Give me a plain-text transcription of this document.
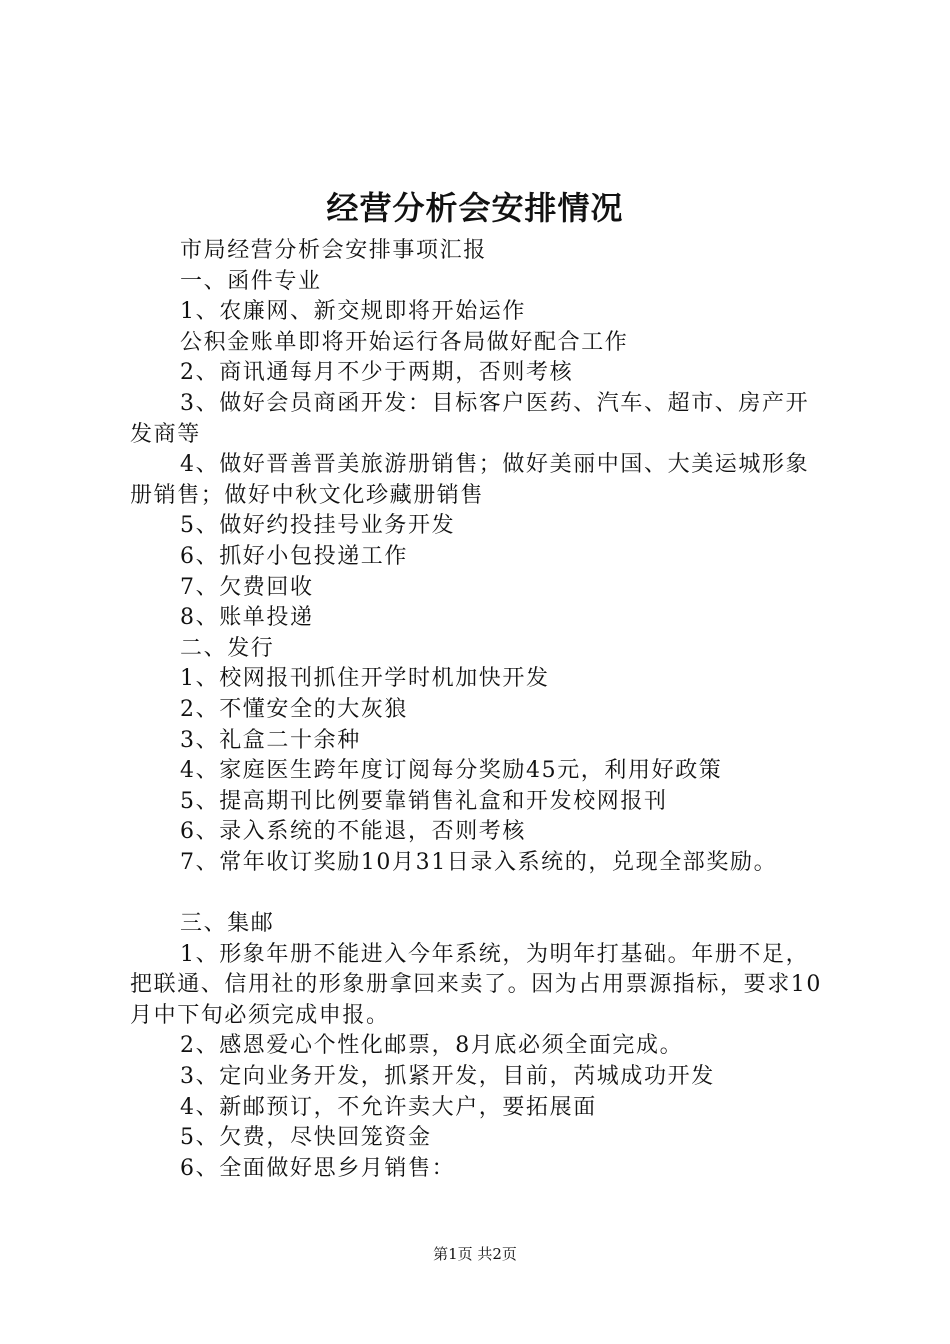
经营分析会安排情况

市局经营分析会安排事项汇报

一、函件专业

1、农廉网、新交规即将开始运作

公积金账单即将开始运行各局做好配合工作

2、商讯通每月不少于两期，否则考核

3、做好会员商函开发：目标客户医药、汽车、超市、房产开发商等

4、做好晋善晋美旅游册销售；做好美丽中国、大美运城形象册销售；做好中秋文化珍藏册销售

5、做好约投挂号业务开发

6、抓好小包投递工作

7、欠费回收

8、账单投递

二、发行

1、校网报刊抓住开学时机加快开发

2、不懂安全的大灰狼

3、礼盒二十余种

4、家庭医生跨年度订阅每分奖励45元，利用好政策

5、提高期刊比例要靠销售礼盒和开发校网报刊

6、录入系统的不能退，否则考核

7、常年收订奖励10月31日录入系统的，兑现全部奖励。

三、集邮

1、形象年册不能进入今年系统，为明年打基础。年册不足，把联通、信用社的形象册拿回来卖了。因为占用票源指标，要求10月中下旬必须完成申报。

2、感恩爱心个性化邮票，8月底必须全面完成。

3、定向业务开发，抓紧开发，目前，芮城成功开发

4、新邮预订，不允许卖大户，要拓展面

5、欠费，尽快回笼资金

6、全面做好思乡月销售：

第1页 共2页
